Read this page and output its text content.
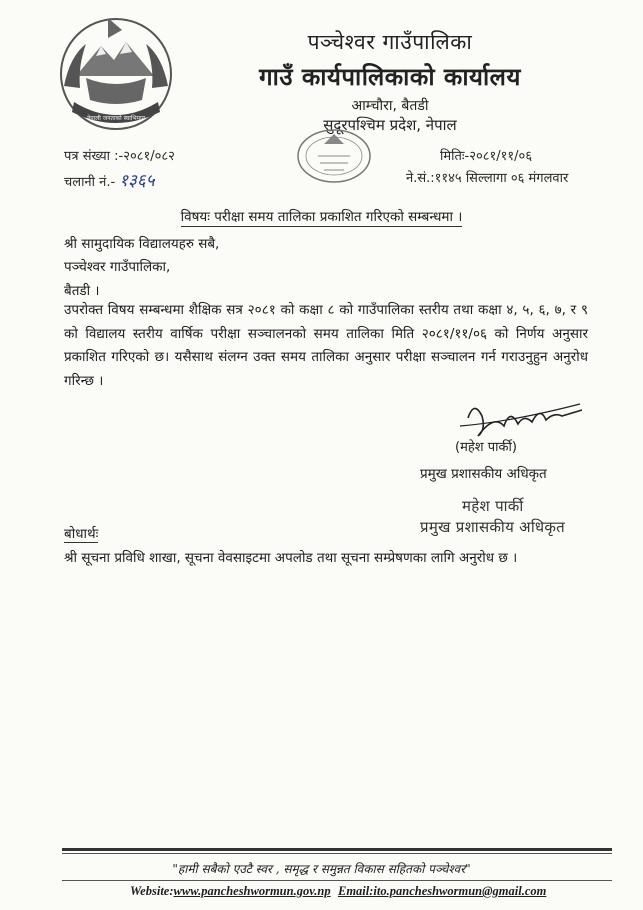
नेपाली जनताको स्वाभिमान
पञ्चेश्वर गाउँपालिका
गाउँ कार्यपालिकाको कार्यालय
आम्चौरा, बैतडी
सुदूरपश्चिम प्रदेश, नेपाल
पत्र संख्या :-२०८१/०८२
चलानी नं.- १३६५
मितिः-२०८१/११/०६
ने.सं.:११४५ सिल्लागा ०६ मंगलवार
विषयः परीक्षा समय तालिका प्रकाशित गरिएको सम्बन्धमा ।
श्री सामुदायिक विद्यालयहरु सबै,
पञ्चेश्वर गाउँपालिका,
बैतडी ।
उपरोक्त विषय सम्बन्धमा शैक्षिक सत्र २०८१ को कक्षा ८ को गाउँपालिका स्तरीय तथा कक्षा ४, ५, ६, ७, र ९ को विद्यालय स्तरीय वार्षिक परीक्षा सञ्चालनको समय तालिका मिति २०८१/११/०६ को निर्णय अनुसार प्रकाशित गरिएको छ। यसैसाथ संलग्न उक्त समय तालिका अनुसार परीक्षा सञ्चालन गर्न गराउनुहुन अनुरोध गरिन्छ ।
(महेश पार्की)
प्रमुख प्रशासकीय अधिकृत
महेश पार्की
प्रमुख प्रशासकीय अधिकृत
बोधार्थः
श्री सूचना प्रविधि शाखा, सूचना वेवसाइटमा अपलोड तथा सूचना सम्प्रेषणका लागि अनुरोध छ ।
"हामी सबैको एउटै स्वर , समृद्ध र समुन्नत विकास सहितको पञ्चेश्वर"
Website:www.pancheshwormun.gov.np Email:ito.pancheshwormun@gmail.com
